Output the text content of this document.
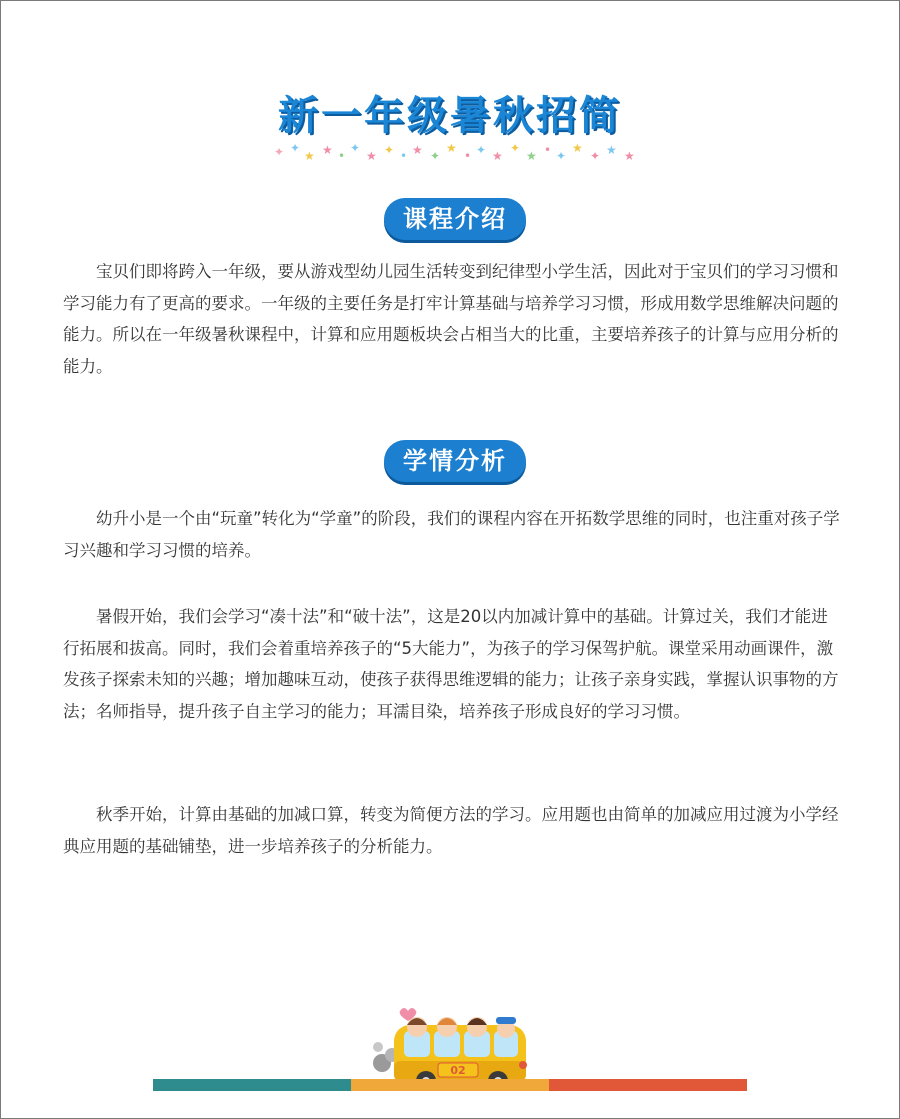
新一年级暑秋招简
✦ ✦
★ ★ •
✦
★ ✦ • ★ ✦
★
• ✦ ★
✦
★ • ✦
★
✦ ★ ★
课程介绍

宝贝们即将跨入一年级，要从游戏型幼儿园生活转变到纪律型小学生活，因此对于宝贝们的学习习惯和学习能力有了更高的要求。一年级的主要任务是打牢计算基础与培养学习习惯，形成用数学思维解决问题的能力。所以在一年级暑秋课程中，计算和应用题板块会占相当大的比重，主要培养孩子的计算与应用分析的能力。

学情分析

幼升小是一个由“玩童”转化为“学童”的阶段，我们的课程内容在开拓数学思维的同时，也注重对孩子学习兴趣和学习习惯的培养。

暑假开始，我们会学习“凑十法”和“破十法”，这是20以内加减计算中的基础。计算过关，我们才能进行拓展和拔高。同时，我们会着重培养孩子的“5大能力”，为孩子的学习保驾护航。课堂采用动画课件，激发孩子探索未知的兴趣；增加趣味互动，使孩子获得思维逻辑的能力；让孩子亲身实践，掌握认识事物的方法；名师指导，提升孩子自主学习的能力；耳濡目染，培养孩子形成良好的学习习惯。

秋季开始，计算由基础的加减口算，转变为简便方法的学习。应用题也由简单的加减应用过渡为小学经典应用题的基础铺垫，进一步培养孩子的分析能力。

02
